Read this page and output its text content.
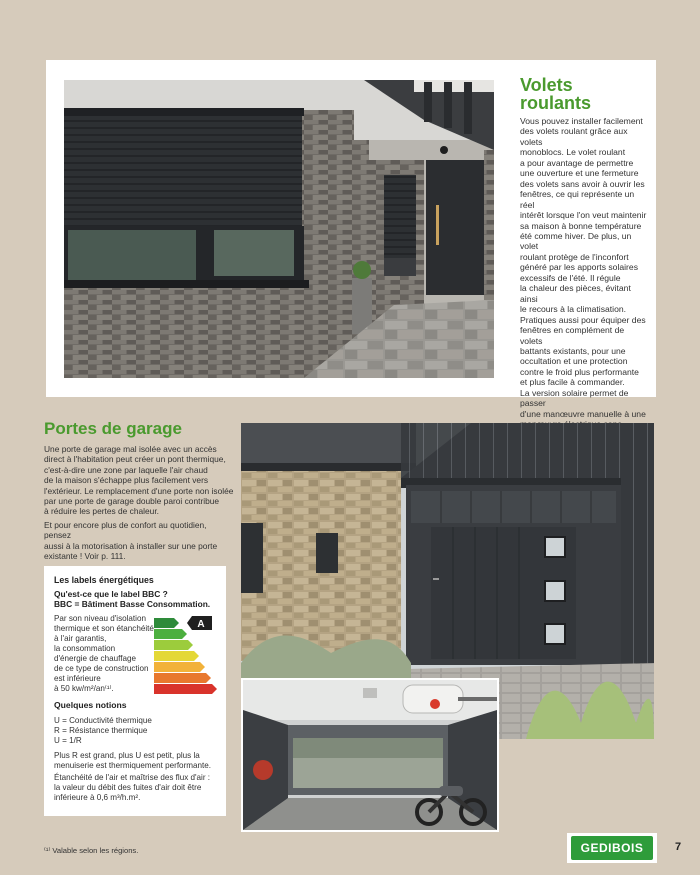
Volets
roulants
Vous pouvez installer facilement
des volets roulant grâce aux volets
monoblocs. Le volet roulant
a pour avantage de permettre
une ouverture et une fermeture
des volets sans avoir à ouvrir les
fenêtres, ce qui représente un réel
intérêt lorsque l'on veut maintenir
sa maison à bonne température
été comme hiver. De plus, un volet
roulant protège de l'inconfort
généré par les apports solaires
excessifs de l'été. Il régule
la chaleur des pièces, évitant ainsi
le recours à la climatisation.
Pratiques aussi pour équiper des
fenêtres en complément de volets
battants existants, pour une
occultation et une protection
contre le froid plus performante
et plus facile à commander.
La version solaire permet de passer
d'une manœuvre manuelle à une
Portes de garage
Une porte de garage mal isolée avec un accès
direct à l'habitation peut créer un pont thermique,
c'est-à-dire une zone par laquelle l'air chaud
de la maison s'échappe plus facilement vers
l'extérieur. Le remplacement d'une porte non isolée
par une porte de garage double paroi contribue
à réduire les pertes de chaleur.
Et pour encore plus de confort au quotidien, pensez
aussi à la motorisation à installer sur une porte
existante ! Voir p. 111.
Les labels énergétiques
Qu'est-ce que le label BBC ?
BBC = Bâtiment Basse Consommation.
Par son niveau d'isolation
thermique et son étanchéité
à l'air garantis,
la consommation
d'énergie de chauffage
de ce type de construction
est inférieure
à 50 kw/m²/an⁽¹⁾.
A
Quelques notions
U = Conductivité thermique
R = Résistance thermique
U = 1/R
Plus R est grand, plus U est petit, plus la
menuiserie est thermiquement performante.
Étanchéité de l'air et maîtrise des flux d'air :
la valeur du débit des fuites d'air doit être
inférieure à 0,6 m³/h.m².
⁽¹⁾ Valable selon les régions.	GEDIBOIS	7
